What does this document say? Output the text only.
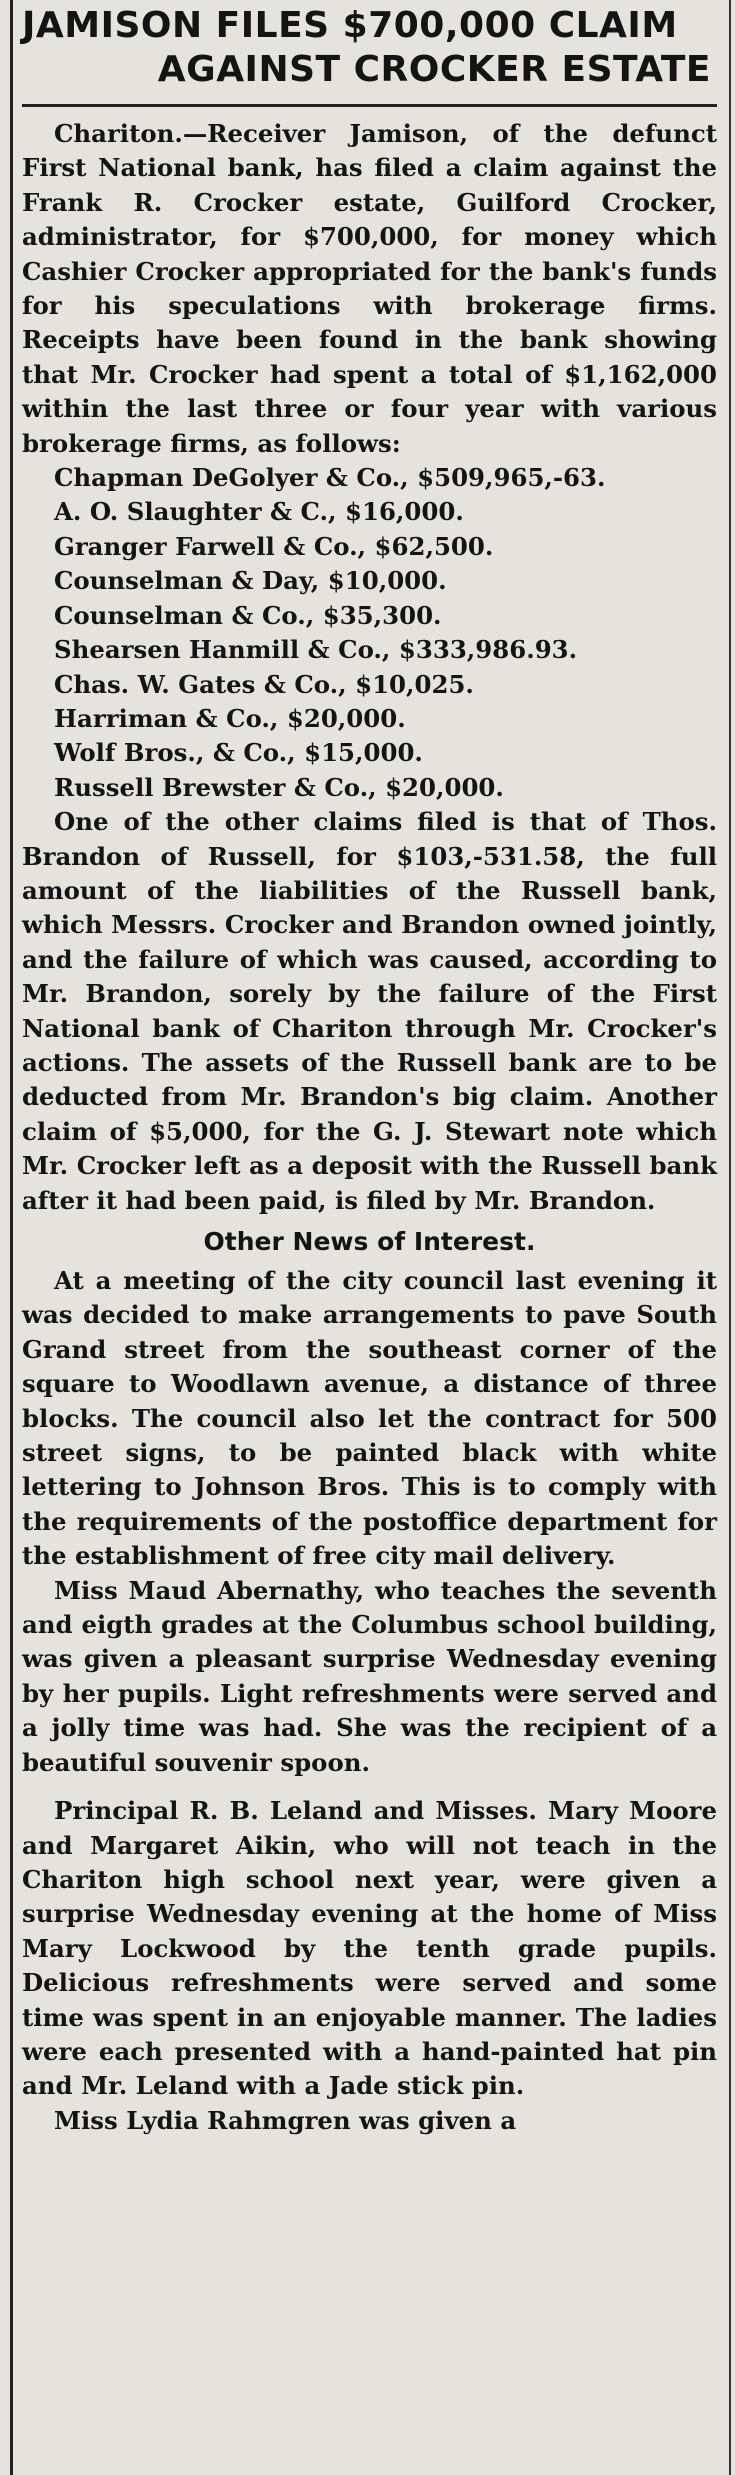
JAMISON FILES $700,000 CLAIM
AGAINST CROCKER ESTATE

Chariton.—Receiver Jamison, of the defunct First National bank, has filed a claim against the Frank R. Crocker estate, Guilford Crocker, administrator, for $700,000, for money which Cashier Crocker appropriated for the bank's funds for his speculations with brokerage firms. Receipts have been found in the bank showing that Mr. Crocker had spent a total of $1,162,000 within the last three or four year with various brokerage firms, as follows:

Chapman DeGolyer & Co., $509,965,-63.
A. O. Slaughter & C., $16,000.
Granger Farwell & Co., $62,500.
Counselman & Day, $10,000.
Counselman & Co., $35,300.
Shearsen Hanmill & Co., $333,986.93.
Chas. W. Gates & Co., $10,025.
Harriman & Co., $20,000.
Wolf Bros., & Co., $15,000.
Russell Brewster & Co., $20,000.

One of the other claims filed is that of Thos. Brandon of Russell, for $103,-531.58, the full amount of the liabilities of the Russell bank, which Messrs. Crocker and Brandon owned jointly, and the failure of which was caused, according to Mr. Brandon, sorely by the failure of the First National bank of Chariton through Mr. Crocker's actions. The assets of the Russell bank are to be deducted from Mr. Brandon's big claim. Another claim of $5,000, for the G. J. Stewart note which Mr. Crocker left as a deposit with the Russell bank after it had been paid, is filed by Mr. Brandon.

Other News of Interest.

At a meeting of the city council last evening it was decided to make arrangements to pave South Grand street from the southeast corner of the square to Woodlawn avenue, a distance of three blocks. The council also let the contract for 500 street signs, to be painted black with white lettering to Johnson Bros. This is to comply with the requirements of the postoffice department for the establishment of free city mail delivery.

Miss Maud Abernathy, who teaches the seventh and eigth grades at the Columbus school building, was given a pleasant surprise Wednesday evening by her pupils. Light refreshments were served and a jolly time was had. She was the recipient of a beautiful souvenir spoon.

Principal R. B. Leland and Misses. Mary Moore and Margaret Aikin, who will not teach in the Chariton high school next year, were given a surprise Wednesday evening at the home of Miss Mary Lockwood by the tenth grade pupils. Delicious refreshments were served and some time was spent in an enjoyable manner. The ladies were each presented with a hand-painted hat pin and Mr. Leland with a Jade stick pin.

Miss Lydia Rahmgren was given a
